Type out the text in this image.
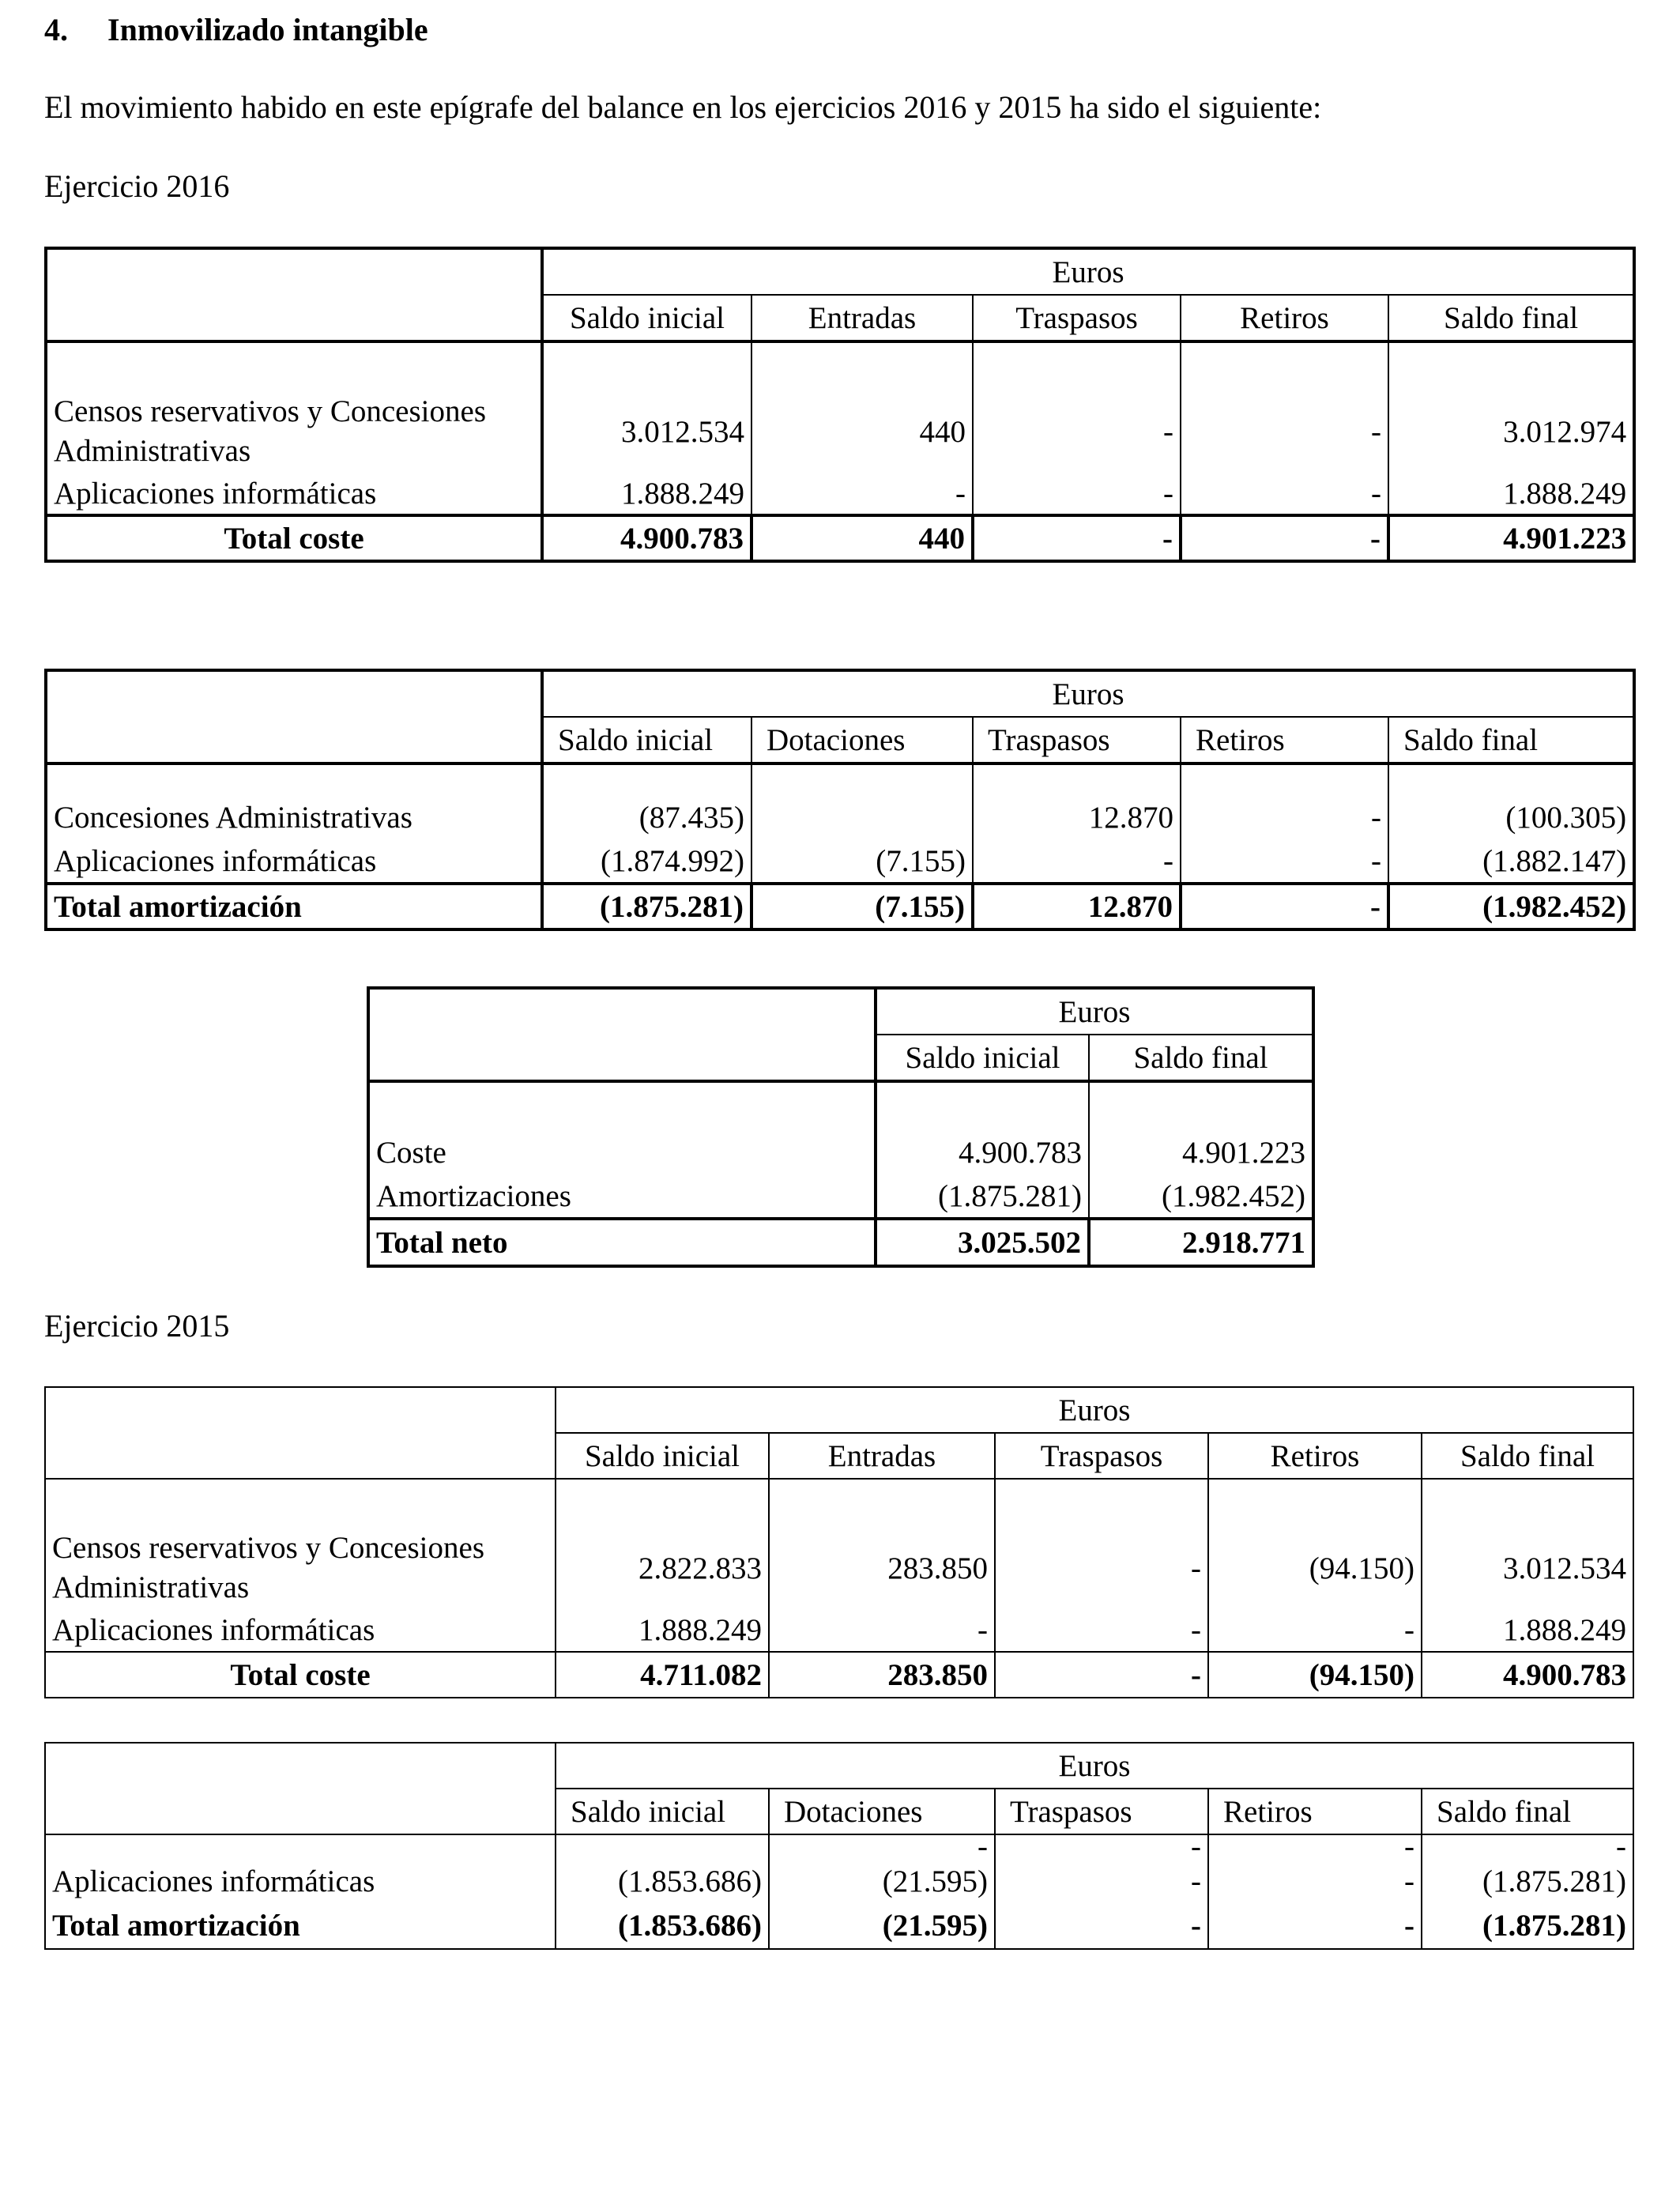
4. Inmovilizado intangible
El movimiento habido en este epígrafe del balance en los ejercicios 2016 y 2015 ha sido el siguiente:
Ejercicio 2016
	Euros				
	Saldo inicial	Entradas	Traspasos	Retiros	Saldo final

Censos reservativos y Concesiones Administrativas	3.012.534	440	-	-	3.012.974
Aplicaciones informáticas	1.888.249	-	-	-	1.888.249
Total coste	4.900.783	440	-	-	4.901.223
	Euros				
	Saldo inicial	Dotaciones	Traspasos	Retiros	Saldo final

Concesiones Administrativas	(87.435)		12.870	-	(100.305)
Aplicaciones informáticas	(1.874.992)	(7.155)	-	-	(1.882.147)
Total amortización	(1.875.281)	(7.155)	12.870	-	(1.982.452)
	Euros	
	Saldo inicial	Saldo final

Coste	4.900.783	4.901.223
Amortizaciones	(1.875.281)	(1.982.452)
Total neto	3.025.502	2.918.771
Ejercicio 2015
	Euros				
	Saldo inicial	Entradas	Traspasos	Retiros	Saldo final

Censos reservativos y Concesiones Administrativas	2.822.833	283.850	-	(94.150)	3.012.534
Aplicaciones informáticas	1.888.249	-	-	-	1.888.249
Total coste	4.711.082	283.850	-	(94.150)	4.900.783
	Euros				
	Saldo inicial	Dotaciones	Traspasos	Retiros	Saldo final
		-	-	-	-
Aplicaciones informáticas	(1.853.686)	(21.595)	-	-	(1.875.281)
Total amortización	(1.853.686)	(21.595)	-	-	(1.875.281)
